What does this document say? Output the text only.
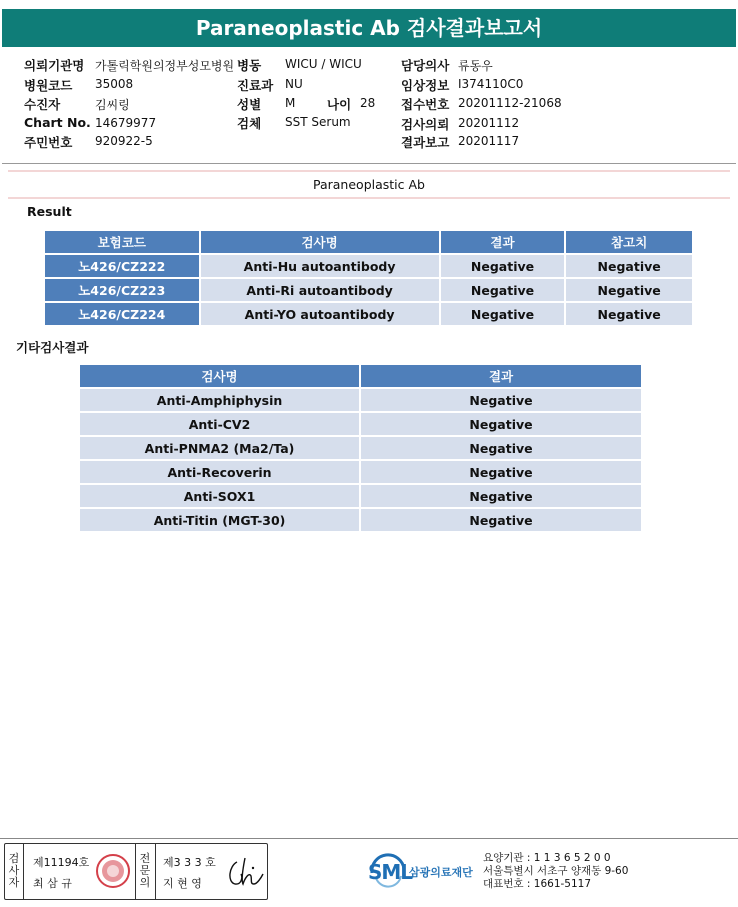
Paraneoplastic Ab 검사결과보고서
의뢰기관명 가톨릭학원의정부성모병원 병동 WICU / WICU	담당의사 류동우
병원코드 35008	진료과 NU	임상정보 I374110C0
수진자	김씨링	성별 M	나이 28 접수번호 20201112-21068
Chart No. 14679977	검체 SST Serum	검사의뢰 20201112
주민번호 920922-5	결과보고 20201117
Paraneoplastic Ab
Result
보험코드	검사명	결과	참고치
노426/CZ222	Anti-Hu autoantibody	Negative	Negative
노426/CZ223	Anti-Ri autoantibody	Negative	Negative
노426/CZ224	Anti-YO autoantibody	Negative	Negative
기타검사결과
검사명	결과
Anti-Amphiphysin	Negative
Anti-CV2	Negative
Anti-PNMA2 (Ma2/Ta)	Negative
Anti-Recoverin	Negative
Anti-SOX1	Negative
Anti-Titin (MGT-30)	Negative
검
사
자
제11194호
최 삼 규
전
문
의
제3 3 3 호
지 현 영	SML
삼광의료재단
요양기관 : 1 1 3 6 5 2 0 0
서울특별시 서초구 양재동 9-60
대표번호 : 1661-5117
